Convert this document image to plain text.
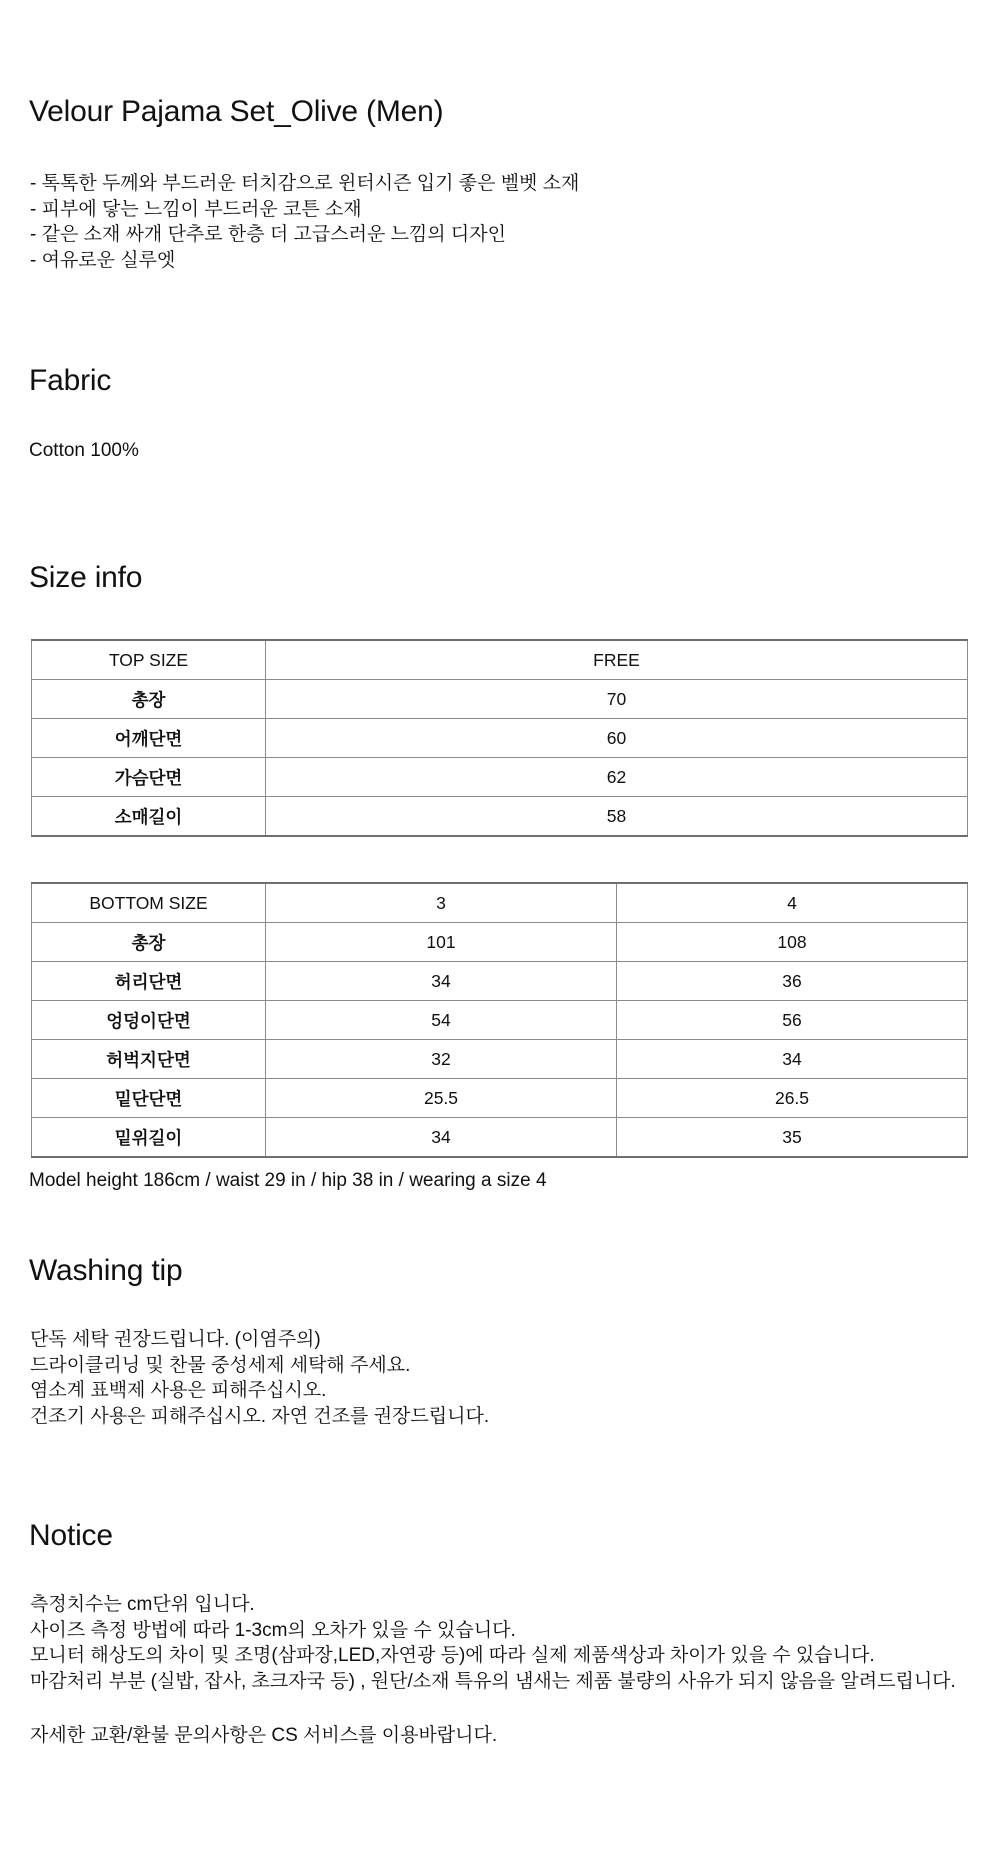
Velour Pajama Set_Olive (Men)
- 톡톡한 두께와 부드러운 터치감으로 윈터시즌 입기 좋은 벨벳 소재
- 피부에 닿는 느낌이 부드러운 코튼 소재
- 같은 소재 싸개 단추로 한층 더 고급스러운 느낌의 디자인
- 여유로운 실루엣
Fabric
Cotton 100%
Size info
TOP SIZE	FREE
총장	70
어깨단면	60
가슴단면	62
소매길이	58
BOTTOM SIZE	3	4
총장	101	108
허리단면	34	36
엉덩이단면	54	56
허벅지단면	32	34
밑단단면	25.5	26.5
밑위길이	34	35
Model height 186cm / waist 29 in / hip 38 in / wearing a size 4
Washing tip
단독 세탁 권장드립니다. (이염주의)
드라이클리닝 및 찬물 중성세제 세탁해 주세요.
염소계 표백제 사용은 피해주십시오.
건조기 사용은 피해주십시오. 자연 건조를 권장드립니다.
Notice
측정치수는 cm단위 입니다.
사이즈 측정 방법에 따라 1-3cm의 오차가 있을 수 있습니다.
모니터 해상도의 차이 및 조명(삼파장,LED,자연광 등)에 따라 실제 제품색상과 차이가 있을 수 있습니다.
마감처리 부분 (실밥, 잡사, 초크자국 등) , 원단/소재 특유의 냄새는 제품 불량의 사유가 되지 않음을 알려드립니다.
자세한 교환/환불 문의사항은 CS 서비스를 이용바랍니다.
